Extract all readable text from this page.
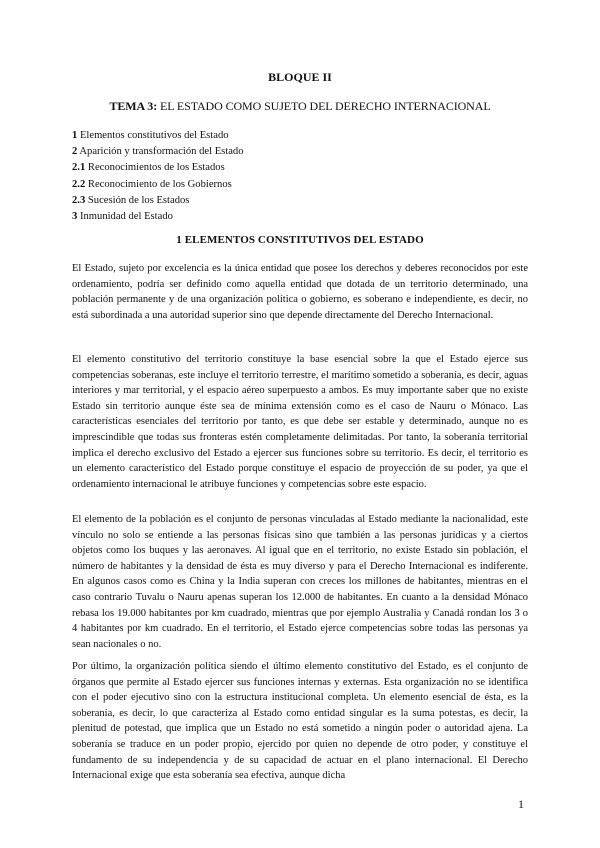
BLOQUE II
TEMA 3: EL ESTADO COMO SUJETO DEL DERECHO INTERNACIONAL
1 Elementos constitutivos del Estado
2 Aparición y transformación del Estado
2.1 Reconocimientos de los Estados
2.2 Reconocimiento de los Gobiernos
2.3 Sucesión de los Estados
3 Inmunidad del Estado
1 ELEMENTOS CONSTITUTIVOS DEL ESTADO

El Estado, sujeto por excelencia es la única entidad que posee los derechos y deberes reconocidos por este ordenamiento, podría ser definido como aquella entidad que dotada de un territorio determinado, una población permanente y de una organización política o gobierno, es soberano e independiente, es decir, no está subordinada a una autoridad superior sino que depende directamente del Derecho Internacional.

El elemento constitutivo del territorio constituye la base esencial sobre la que el Estado ejerce sus competencias soberanas, este incluye el territorio terrestre, el marítimo sometido a soberanía, es decir, aguas interiores y mar territorial, y el espacio aéreo superpuesto a ambos. Es muy importante saber que no existe Estado sin territorio aunque éste sea de mínima extensión como es el caso de Nauru o Mónaco. Las características esenciales del territorio por tanto, es que debe ser estable y determinado, aunque no es imprescindible que todas sus fronteras estén completamente delimitadas. Por tanto, la soberanía territorial implica el derecho exclusivo del Estado a ejercer sus funciones sobre su territorio. Es decir, el territorio es un elemento característico del Estado porque constituye el espacio de proyección de su poder, ya que el ordenamiento internacional le atribuye funciones y competencias sobre este espacio.

El elemento de la población es el conjunto de personas vinculadas al Estado mediante la nacionalidad, este vínculo no solo se entiende a las personas físicas sino que también a las personas jurídicas y a ciertos objetos como los buques y las aeronaves. Al igual que en el territorio, no existe Estado sin población, el número de habitantes y la densidad de ésta es muy diverso y para el Derecho Internacional es indiferente. En algunos casos como es China y la India superan con creces los millones de habitantes, mientras en el caso contrario Tuvalu o Nauru apenas superan los 12.000 de habitantes. En cuanto a la densidad Mónaco rebasa los 19.000 habitantes por km cuadrado, mientras que por ejemplo Australia y Canadá rondan los 3 o 4 habitantes por km cuadrado. En el territorio, el Estado ejerce competencias sobre todas las personas ya sean nacionales o no.

Por último, la organización política siendo el último elemento constitutivo del Estado, es el conjunto de órganos que permite al Estado ejercer sus funciones internas y externas. Esta organización no se identifica con el poder ejecutivo sino con la estructura institucional completa. Un elemento esencial de ésta, es la soberanía, es decir, lo que caracteriza al Estado como entidad singular es la suma potestas, es decir, la plenitud de potestad, que implica que un Estado no está sometido a ningún poder o autoridad ajena. La soberanía se traduce en un poder propio, ejercido por quien no depende de otro poder, y constituye el fundamento de su independencia y de su capacidad de actuar en el plano internacional. El Derecho Internacional exige que esta soberanía sea efectiva, aunque dicha

1
